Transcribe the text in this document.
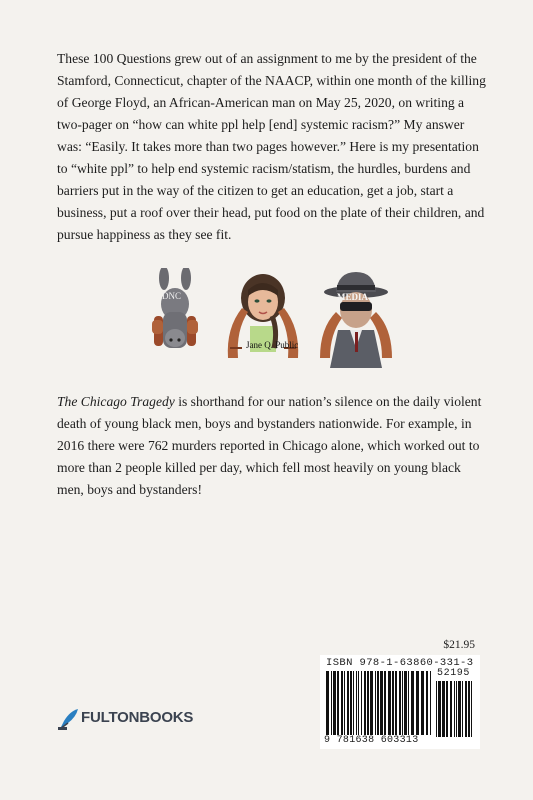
These 100 Questions grew out of an assignment to me by the president of the Stamford, Connecticut, chapter of the NAACP, within one month of the killing of George Floyd, an African-American man on May 25, 2020, on writing a two-pager on “how can white ppl help [end] systemic racism?” My answer was: “Easily. It takes more than two pages however.” Here is my presentation to “white ppl” to help end systemic racism/statism, the hurdles, burdens and barriers put in the way of the citizen to get an education, get a job, start a business, put a roof over their head, put food on the plate of their children, and pursue happiness as they see fit.

DNC
Jane Q. Public
MEDIA

The Chicago Tragedy is shorthand for our nation’s silence on the daily violent death of young black men, boys and bystanders nationwide. For example, in 2016 there were 762 murders reported in Chicago alone, which worked out to more than 2 people killed per day, which fell most heavily on young black men, boys and bystanders!

$21.95
ISBN 978-1-63860-331-3
9 781638 603313
52195
FULTONBOOKS
